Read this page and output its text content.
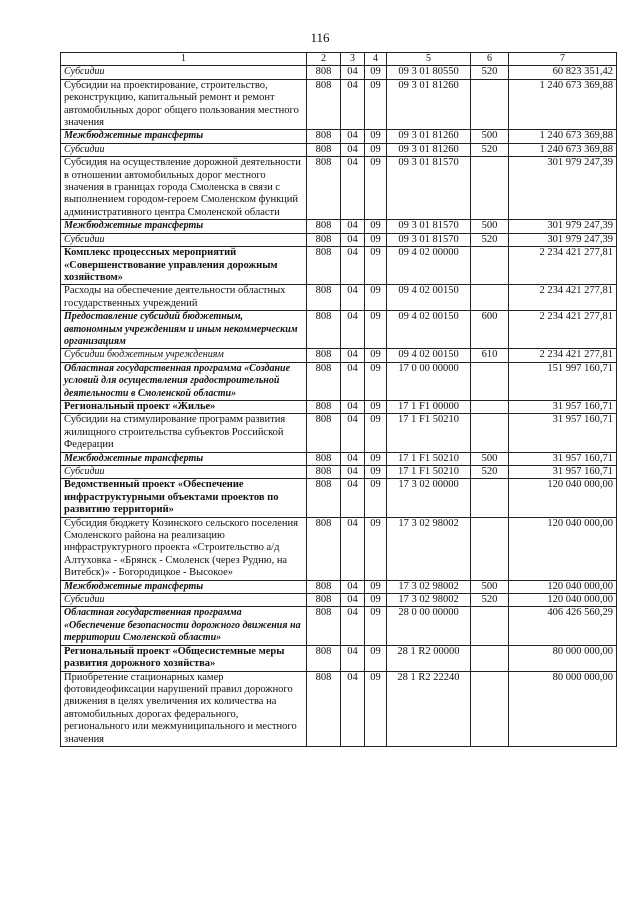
116
1	2	3	4	5	6	7
Субсидии	808	04	09	09 3 01 80550	520	60 823 351,42
Субсидии на проектирование, строительство, реконструкцию, капитальный ремонт и ремонт автомобильных дорог общего пользования местного значения	808	04	09	09 3 01 81260		1 240 673 369,88
Межбюджетные трансферты	808	04	09	09 3 01 81260	500	1 240 673 369,88
Субсидии	808	04	09	09 3 01 81260	520	1 240 673 369,88
Субсидия на осуществление дорожной деятельности в отношении автомобильных дорог местного значения в границах города Смоленска в связи с выполнением городом-героем Смоленском функций административного центра Смоленской области	808	04	09	09 3 01 81570		301 979 247,39
Межбюджетные трансферты	808	04	09	09 3 01 81570	500	301 979 247,39
Субсидии	808	04	09	09 3 01 81570	520	301 979 247,39
Комплекс процессных мероприятий «Совершенствование управления дорожным хозяйством»	808	04	09	09 4 02 00000		2 234 421 277,81
Расходы на обеспечение деятельности областных государственных учреждений	808	04	09	09 4 02 00150		2 234 421 277,81
Предоставление субсидий бюджетным, автономным учреждениям и иным некоммерческим организациям	808	04	09	09 4 02 00150	600	2 234 421 277,81
Субсидии бюджетным учреждениям	808	04	09	09 4 02 00150	610	2 234 421 277,81
Областная государственная программа «Создание условий для осуществления градостроительной деятельности в Смоленской области»	808	04	09	17 0 00 00000		151 997 160,71
Региональный проект «Жилье»	808	04	09	17 1 F1 00000		31 957 160,71
Субсидии на стимулирование программ развития жилищного строительства субъектов Российской Федерации	808	04	09	17 1 F1 50210		31 957 160,71
Межбюджетные трансферты	808	04	09	17 1 F1 50210	500	31 957 160,71
Субсидии	808	04	09	17 1 F1 50210	520	31 957 160,71
Ведомственный проект «Обеспечение инфраструктурными объектами проектов по развитию территорий»	808	04	09	17 3 02 00000		120 040 000,00
Субсидия бюджету Козинского сельского поселения Смоленского района на реализацию инфраструктурного проекта «Строительство а/д Алтуховка - «Брянск - Смоленск (через Рудню, на Витебск)» - Богородицкое - Высокое»	808	04	09	17 3 02 98002		120 040 000,00
Межбюджетные трансферты	808	04	09	17 3 02 98002	500	120 040 000,00
Субсидии	808	04	09	17 3 02 98002	520	120 040 000,00
Областная государственная программа «Обеспечение безопасности дорожного движения на территории Смоленской области»	808	04	09	28 0 00 00000		406 426 560,29
Региональный проект «Общесистемные меры развития дорожного хозяйства»	808	04	09	28 1 R2 00000		80 000 000,00
Приобретение стационарных камер фотовидеофиксации нарушений правил дорожного движения в целях увеличения их количества на автомобильных дорогах федерального, регионального или межмуниципального и местного значения	808	04	09	28 1 R2 22240		80 000 000,00
